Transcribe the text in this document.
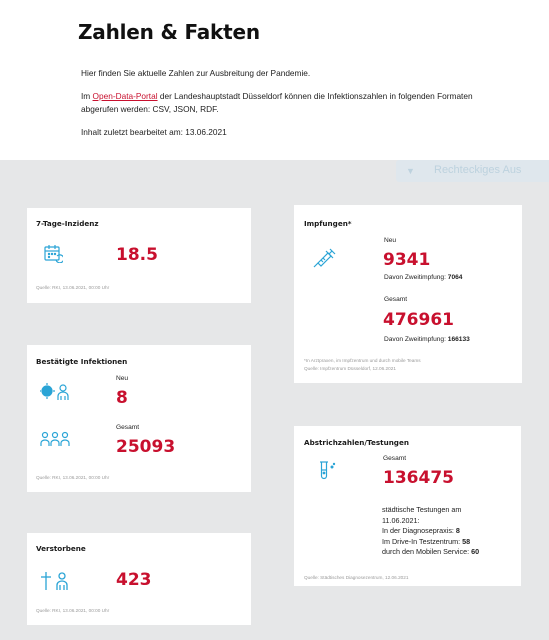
Zahlen & Fakten

Hier finden Sie aktuelle Zahlen zur Ausbreitung der Pandemie.

Im Open-Data-Portal der Landeshauptstadt Düsseldorf können die Infektionszahlen in folgenden Formaten abgerufen werden: CSV, JSON, RDF.

Inhalt zuletzt bearbeitet am: 13.06.2021

▼ Rechteckiges Aus
7-Tage-Inzidenz
18.5
Quelle: RKI, 13.06.2021, 00:00 Uhr
Bestätigte Infektionen
Neu
8
Gesamt
25093
Quelle: RKI, 13.06.2021, 00:00 Uhr
Verstorbene
423
Quelle: RKI, 13.06.2021, 00:00 Uhr
Impfungen*
Neu
9341
Davon Zweitimpfung: 7064
Gesamt
476961
Davon Zweitimpfung: 166133
*In Arztpraxen, im Impfzentrum und durch mobile Teams
Quelle: Impfzentrum Düsseldorf, 12.06.2021
Abstrichzahlen/Testungen
Gesamt
136475
städtische Testungen am
11.06.2021:
In der Diagnosepraxis: 8
Im Drive-In Testzentrum: 58
durch den Mobilen Service: 60
Quelle: Städtisches Diagnosezentrum, 12.06.2021
